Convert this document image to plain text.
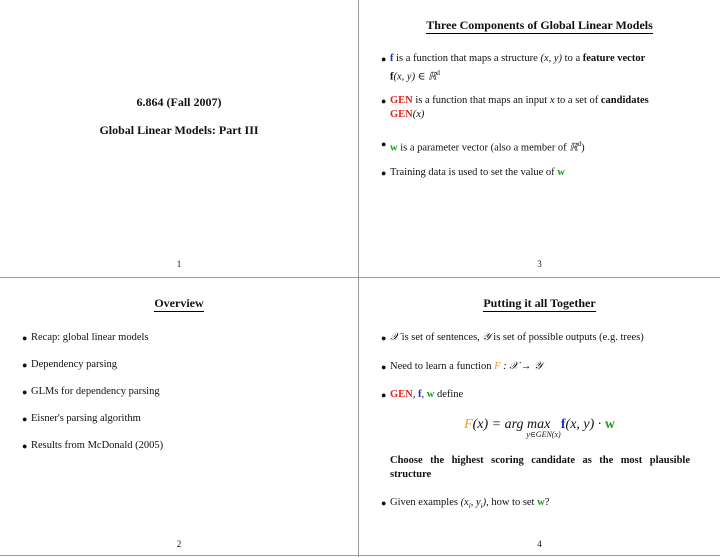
6.864 (Fall 2007)
Global Linear Models: Part III
1
Three Components of Global Linear Models
● f is a function that maps a structure (x, y) to a feature vector
f(x, y) ∈ ℝ$^d$
● GEN is a function that maps an input x to a set of candidates
GEN(x)
● w is a parameter vector (also a member of ℝ$^d$)
● Training data is used to set the value of w
3
Overview
● Recap: global linear models
● Dependency parsing
● GLMs for dependency parsing
● Eisner's parsing algorithm
● Results from McDonald (2005)
2
Putting it all Together
● 𝒳 is set of sentences, 𝒴 is set of possible outputs (e.g. trees)
● Need to learn a function F : 𝒳 → 𝒴
● GEN, f, w define
F(x) = arg max f(x, y) · w
y∈GEN(x)
Choose the highest scoring candidate as the most plausible structure
● Given examples ($x_i$, $y_i$), how to set w?
4
